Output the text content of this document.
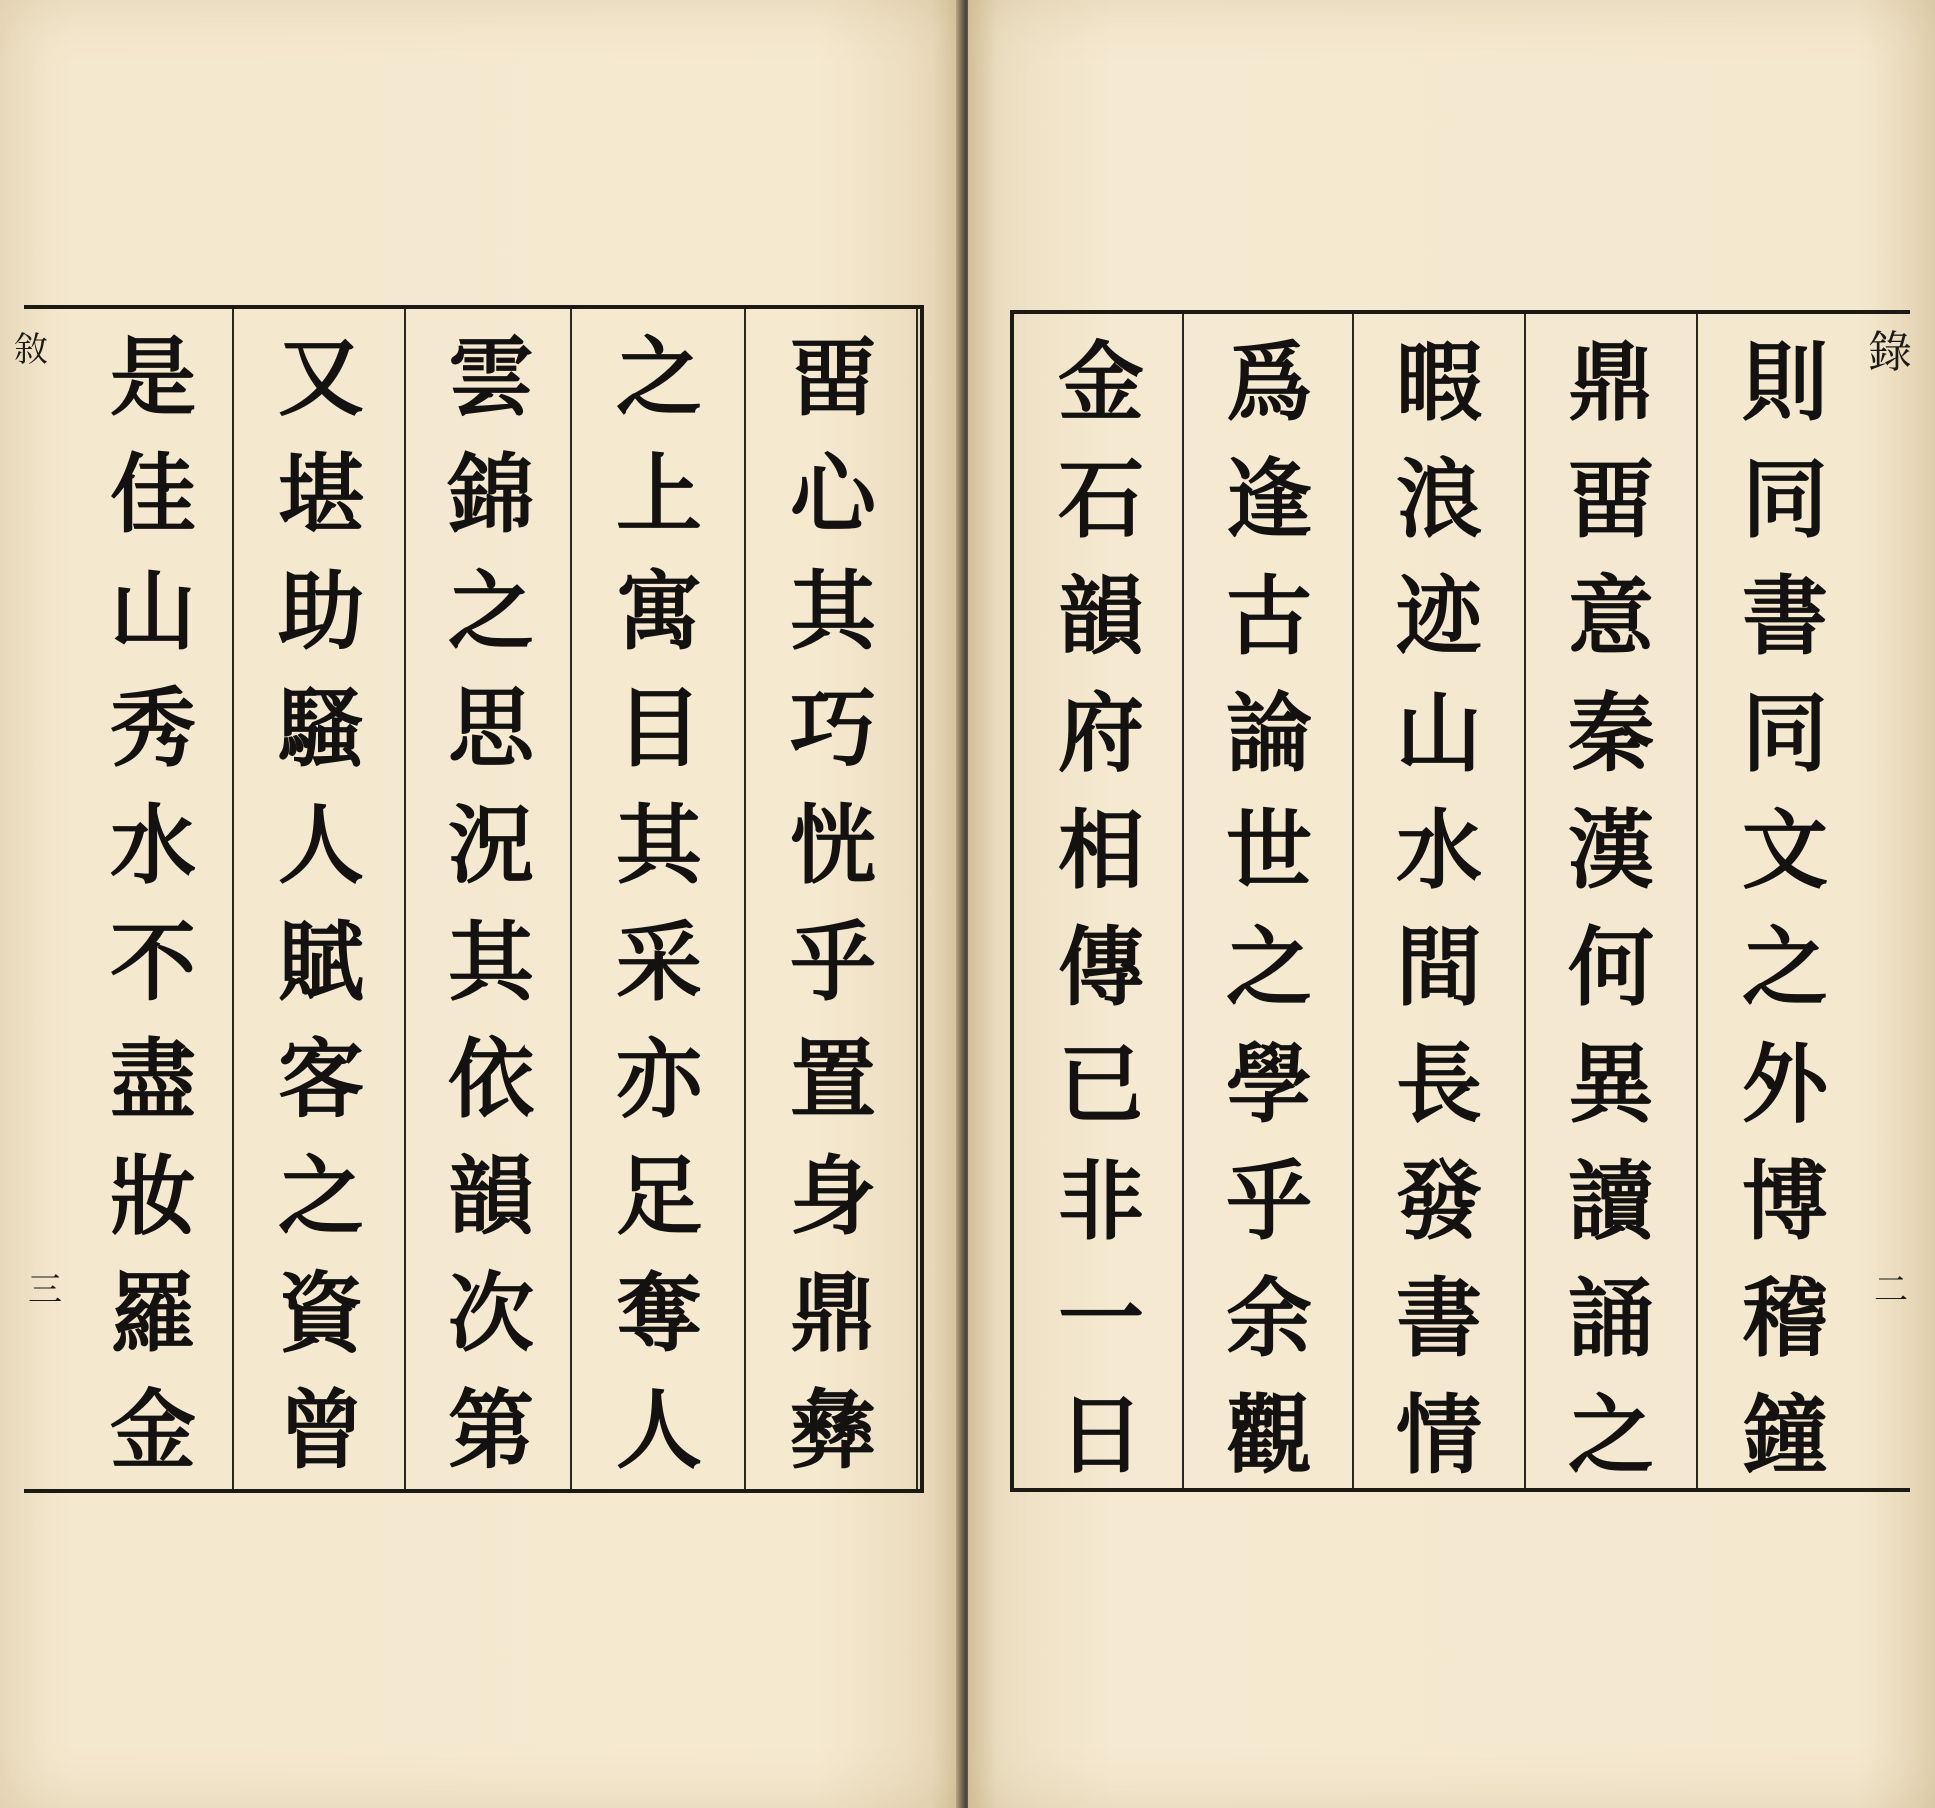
是
佳
山
秀
水
不
盡
妝
羅
金
又
堪
助
騷
人
賦
客
之
資
曾
雲
錦
之
思
況
其
依
韻
次
第
之
上
寓
目
其
采
亦
足
奪
人
畱
心
其
巧
恍
乎
置
身
鼎
彝
敘
三
金
石
韻
府
相
傳
已
非
一
日
爲
逢
古
論
世
之
學
乎
余
觀
暇
浪
迹
山
水
間
長
發
書
情
鼎
畱
意
秦
漢
何
異
讀
誦
之
則
同
書
同
文
之
外
博
稽
鐘
錄
二
